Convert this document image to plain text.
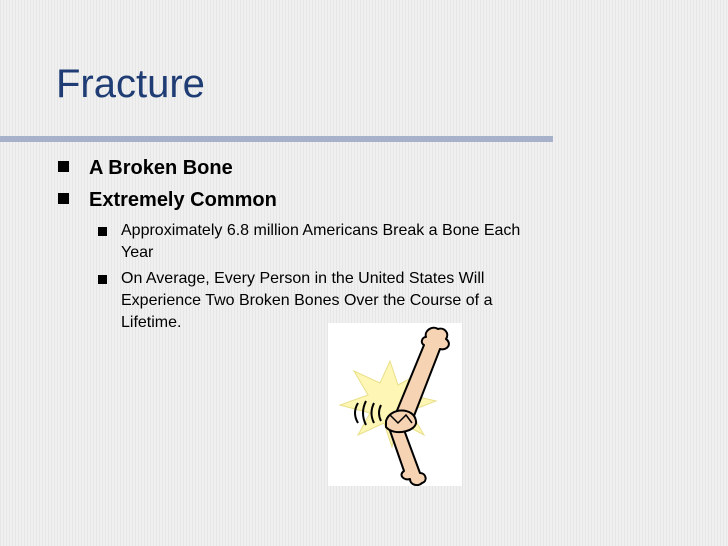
Fracture
A Broken Bone
Extremely Common
Approximately 6.8 million Americans Break a Bone Each
Year
On Average, Every Person in the United States Will
Experience Two Broken Bones Over the Course of a
Lifetime.
